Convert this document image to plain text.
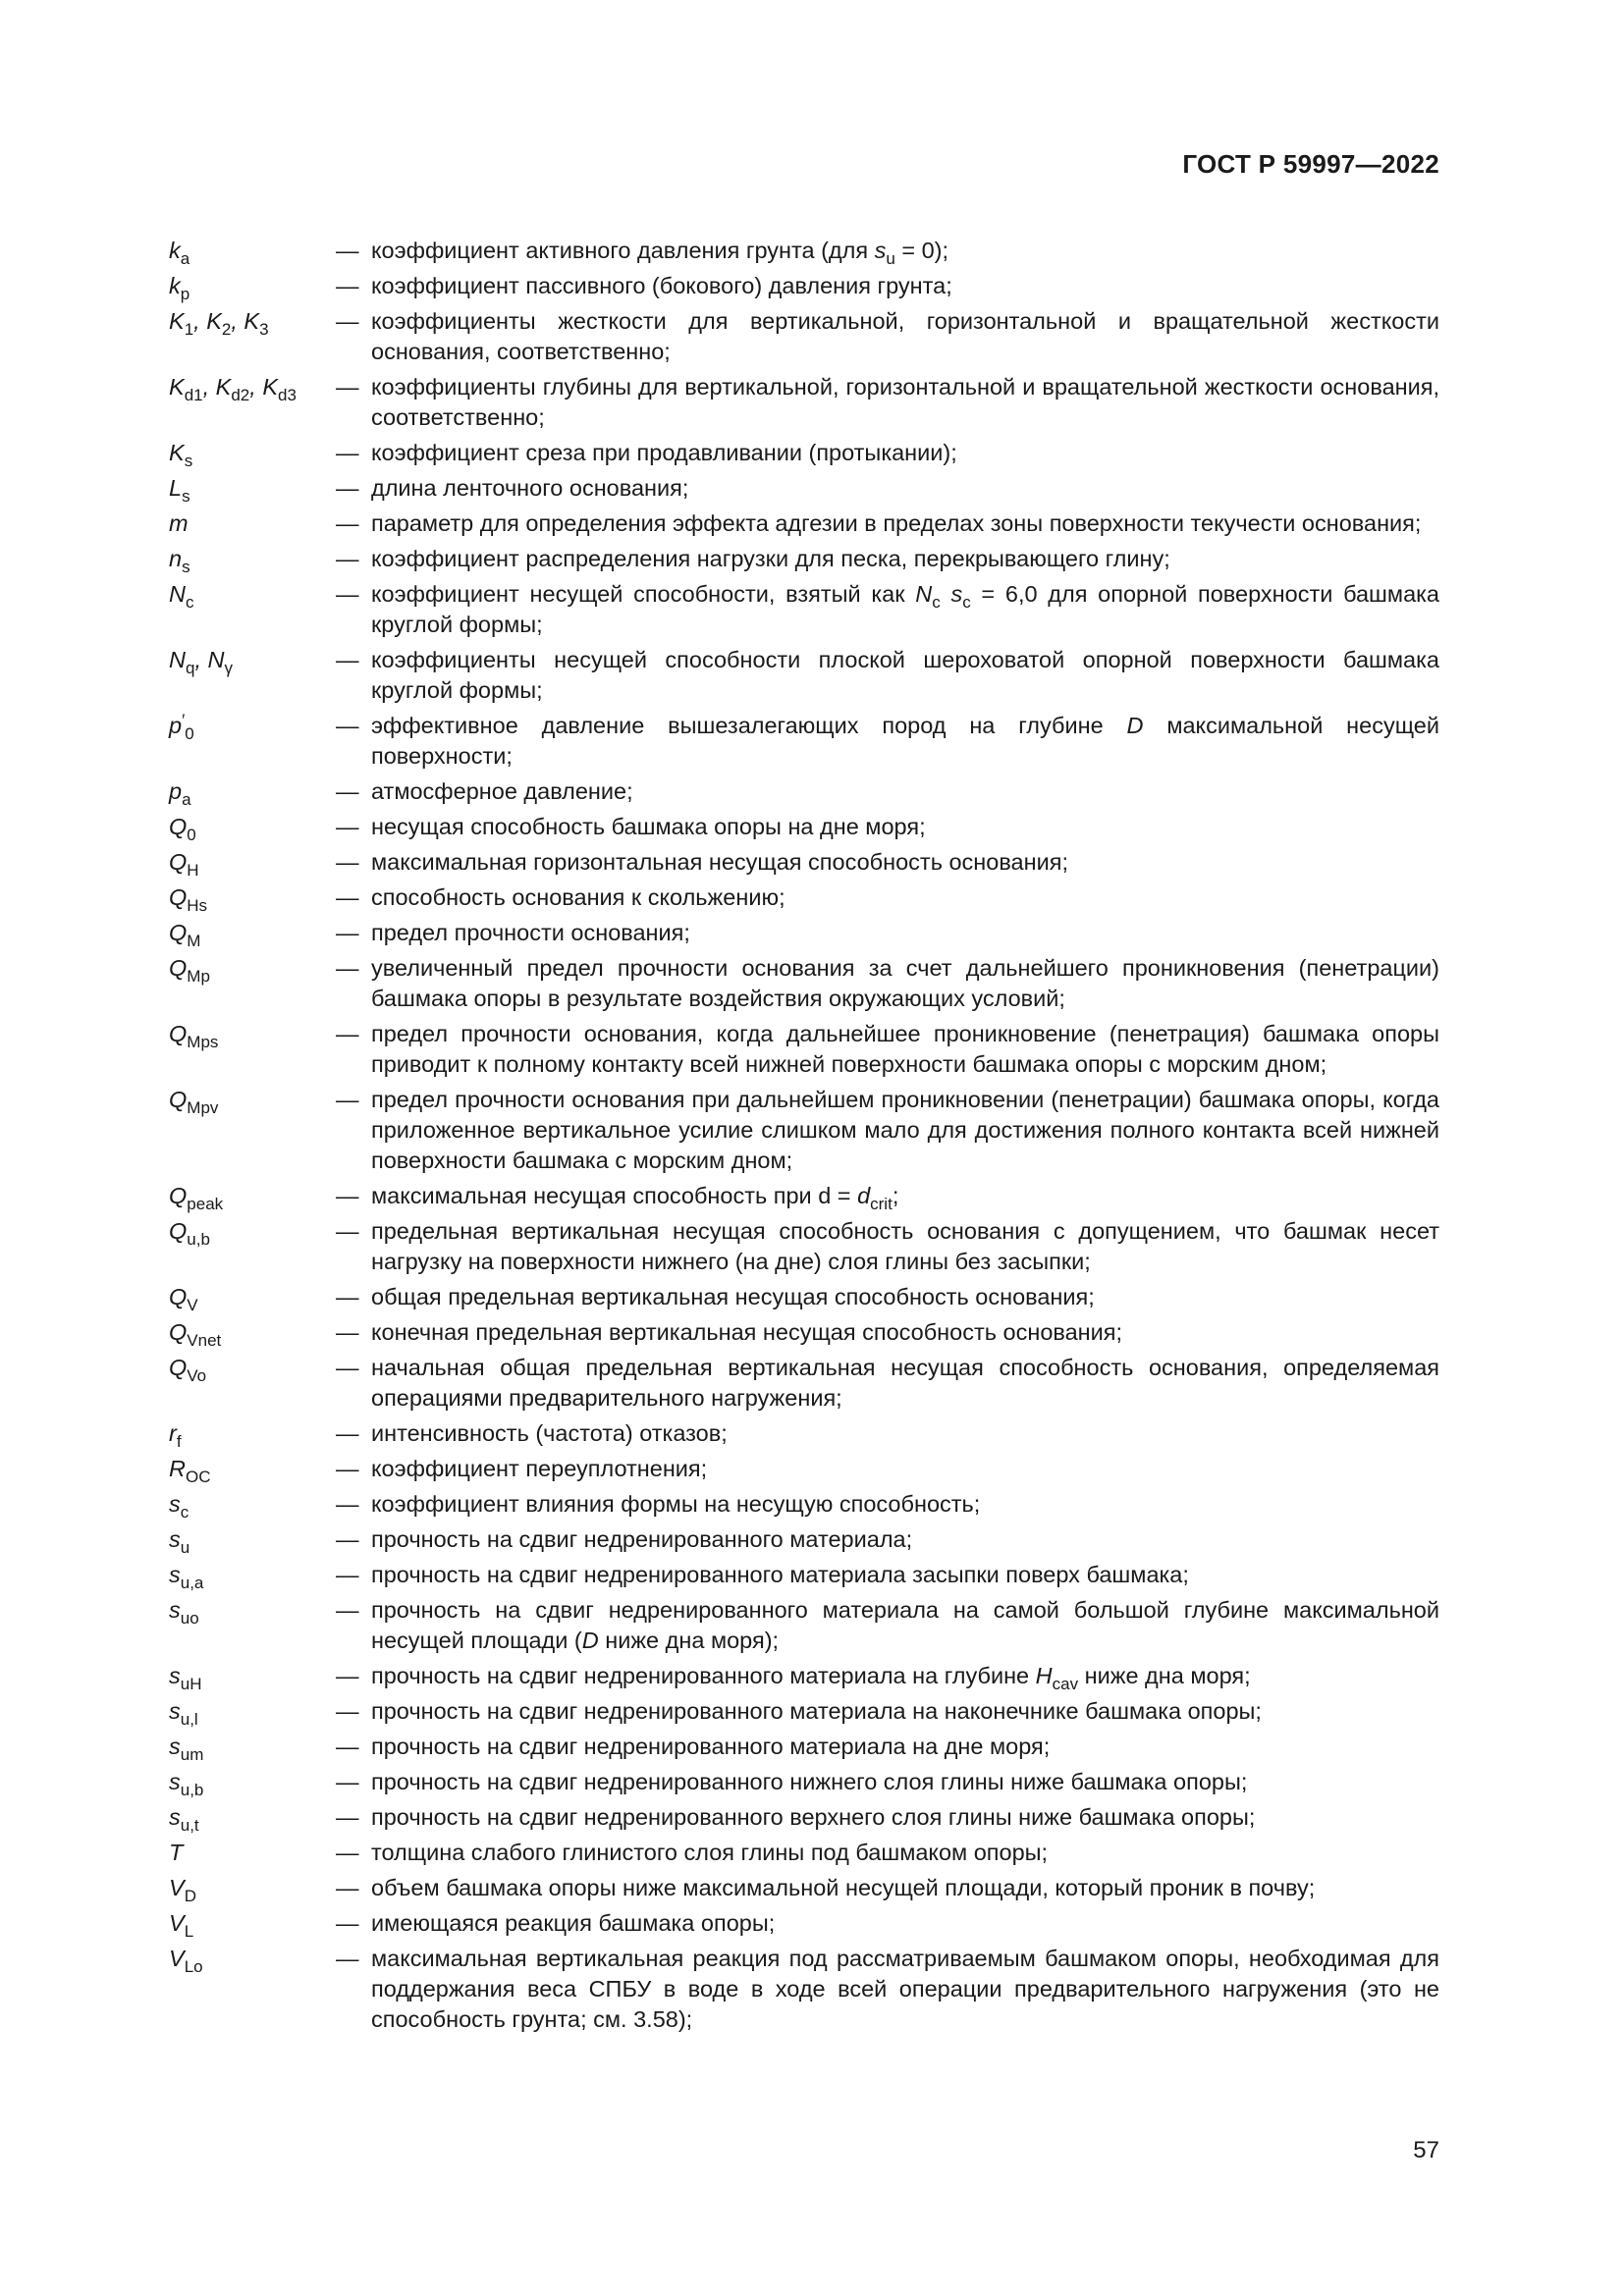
ГОСТ Р 59997—2022
$k_a$	— коэффициент активного давления грунта (для $s_u = 0$);
$k_p$	— коэффициент пассивного (бокового) давления грунта;
$K_1$, $K_2$, $K_3$	— коэффициенты жесткости для вертикальной, горизонтальной и вращательной жесткости основания, соответственно;
$K_{d1}$, $K_{d2}$, $K_{d3}$	— коэффициенты глубины для вертикальной, горизонтальной и вращательной жесткости основания, соответственно;
$K_s$	— коэффициент среза при продавливании (протыкании);
$L_s$	— длина ленточного основания;
m	— параметр для определения эффекта адгезии в пределах зоны поверхности текучести основания;
$n_s$	— коэффициент распределения нагрузки для песка, перекрывающего глину;
$N_c$	— коэффициент несущей способности, взятый как $N_c$ $s_c = 6,0$ для опорной поверхности башмака круглой формы;
$N_q$, $N_\gamma$	— коэффициенты несущей способности плоской шероховатой опорной поверхности башмака круглой формы;
$p'_0$	— эффективное давление вышезалегающих пород на глубине D максимальной несущей поверхности;
$p_a$	— атмосферное давление;
$Q_0$	— несущая способность башмака опоры на дне моря;
$Q_H$	— максимальная горизонтальная несущая способность основания;
$Q_{Hs}$	— способность основания к скольжению;
$Q_M$	— предел прочности основания;
$Q_{Mp}$	— увеличенный предел прочности основания за счет дальнейшего проникновения (пенетрации) башмака опоры в результате воздействия окружающих условий;
$Q_{Mps}$	— предел прочности основания, когда дальнейшее проникновение (пенетрация) башмака опоры приводит к полному контакту всей нижней поверхности башмака опоры с морским дном;
$Q_{Mpv}$	— предел прочности основания при дальнейшем проникновении (пенетрации) башмака опоры, когда приложенное вертикальное усилие слишком мало для достижения полного контакта всей нижней поверхности башмака с морским дном;
$Q_{peak}$	— максимальная несущая способность при $d = d_{crit}$;
$Q_{u,b}$	— предельная вертикальная несущая способность основания с допущением, что башмак несет нагрузку на поверхности нижнего (на дне) слоя глины без засыпки;
$Q_V$	— общая предельная вертикальная несущая способность основания;
$Q_{Vnet}$	— конечная предельная вертикальная несущая способность основания;
$Q_{Vo}$	— начальная общая предельная вертикальная несущая способность основания, определяемая операциями предварительного нагружения;
$r_f$	— интенсивность (частота) отказов;
$R_{OC}$	— коэффициент переуплотнения;
$s_c$	— коэффициент влияния формы на несущую способность;
$s_u$	— прочность на сдвиг недренированного материала;
$s_{u,a}$	— прочность на сдвиг недренированного материала засыпки поверх башмака;
$s_{uo}$	— прочность на сдвиг недренированного материала на самой большой глубине максимальной несущей площади (D ниже дна моря);
$s_{uH}$	— прочность на сдвиг недренированного материала на глубине $H_{cav}$ ниже дна моря;
$s_{u,l}$	— прочность на сдвиг недренированного материала на наконечнике башмака опоры;
$s_{um}$	— прочность на сдвиг недренированного материала на дне моря;
$s_{u,b}$	— прочность на сдвиг недренированного нижнего слоя глины ниже башмака опоры;
$s_{u,t}$	— прочность на сдвиг недренированного верхнего слоя глины ниже башмака опоры;
T	— толщина слабого глинистого слоя глины под башмаком опоры;
$V_D$	— объем башмака опоры ниже максимальной несущей площади, который проник в почву;
$V_L$	— имеющаяся реакция башмака опоры;
$V_{Lo}$	— максимальная вертикальная реакция под рассматриваемым башмаком опоры, необходимая для поддержания веса СПБУ в воде в ходе всей операции предварительного нагружения (это не способность грунта; см. 3.58);
57
